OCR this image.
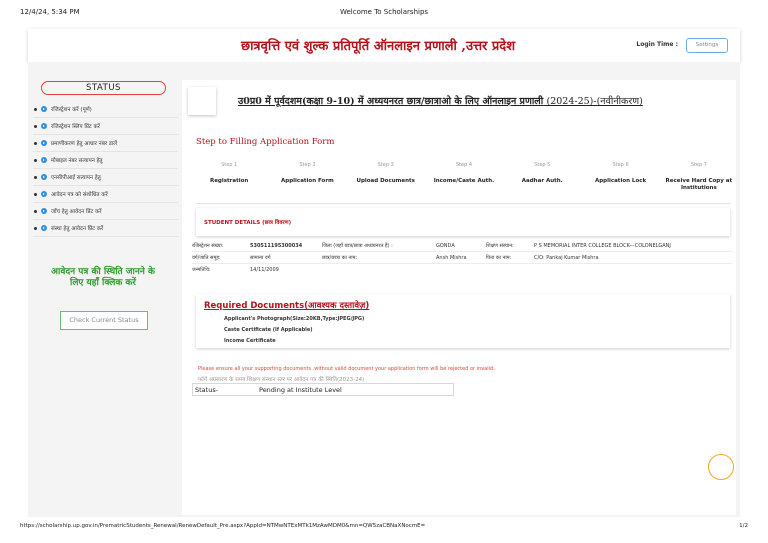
12/4/24, 5:34 PM	Welcome To Scholarships
छात्रवृत्ति एवं शुल्क प्रतिपूर्ति ऑनलाइन प्रणाली ,उत्तर प्रदेश	Login Time :	Settings
STATUS
रजिस्ट्रेशन करें (पूर्ण)
रजिस्ट्रेशन स्लिप प्रिंट करें
प्रमाणीकरण हेतु आधार नंबर डालें
मोबाइल नंबर सत्यापन हेतु
एनसीपीआई सत्यापन हेतु
आवेदन पत्र को संशोधित करें
जाँच हेतु आवेदन प्रिंट करें
संस्था हेतु आवेदन प्रिंट करें
आवेदन पत्र की स्थिति जानने के लिए यहाँ क्लिक करें
Check Current Status
उ0प्र0 में पूर्वदशम(कक्षा 9-10) में अध्ययनरत छात्र/छात्राओ के लिए ऑनलाइन प्रणाली (2024-25)-(नवीनीकरण)
Step to Filling Application Form
Step 1
Registration
Step 2
Application Form
Step 3
Upload Documents
Step 4
Income/Caste Auth.
Step 5
Aadhar Auth.
Step 6
Application Lock
Step 7
Receive Hard Copy at Institutions
STUDENT DETAILS (छात्र विवरण)
रजिस्ट्रेशन संख्या:	530511195300034	जिला (जहाँ छात्र/छात्रा अध्ययनरत है) :	GONDA	शिक्षण संस्थान:	P S MEMORIAL INTER COLLEGE BLOCK---COLONELGANJ
वर्ग/जाति समूह:	सामान्य वर्ग	छात्र/छात्रा का नाम:	Ansh Mishra	पिता का नाम:	C/O: Pankaj Kumar Mishra
जन्मतिथि:	14/11/2009
Required Documents(आवश्यक दस्तावेज़)
Applicant's Photograph(Size:20KB,Type:JPEG/JPG)
Caste Certificate (If Applicable)
Income Certificate
Please ensure all your supporting documents ,without valid document your application form will be rejected or invalid.
फॉर्म अग्रसारण के समय शिक्षण संस्थान स्तर पर आवेदन पत्र की स्थिति(2023-24)
Status-	Pending at Institute Level
https://scholarship.up.gov.in/PrematricStudents_Renewal/RenewDefault_Pre.aspx?AppId=NTMwNTExMTk1MzAwMDM0&mn=QW5zaCBNaXNocmE=	1/2
